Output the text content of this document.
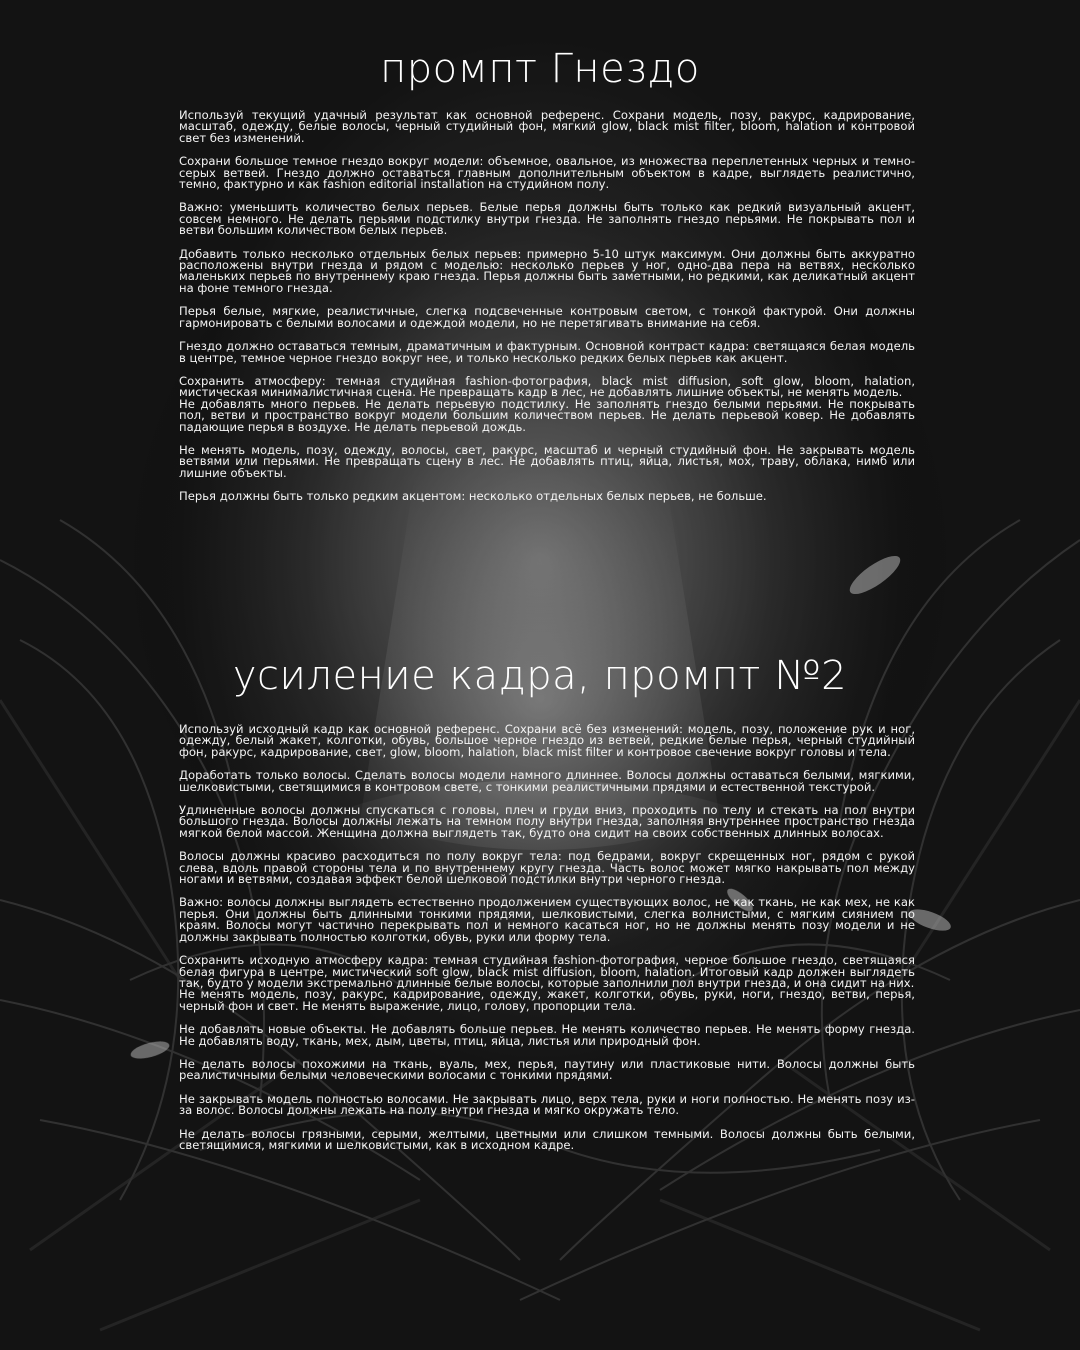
промпт Гнездо

Используй текущий удачный результат как основной референс. Сохрани модель, позу, ракурс, кадрирование, масштаб, одежду, белые волосы, черный студийный фон, мягкий glow, black mist filter, bloom, halation и контровой свет без изменений.

Сохрани большое темное гнездо вокруг модели: объемное, овальное, из множества переплетенных черных и темно-серых ветвей. Гнездо должно оставаться главным дополнительным объектом в кадре, выглядеть реалистично, темно, фактурно и как fashion editorial installation на студийном полу.

Важно: уменьшить количество белых перьев. Белые перья должны быть только как редкий визуальный акцент, совсем немного. Не делать перьями подстилку внутри гнезда. Не заполнять гнездо перьями. Не покрывать пол и ветви большим количеством белых перьев.

Добавить только несколько отдельных белых перьев: примерно 5-10 штук максимум. Они должны быть аккуратно расположены внутри гнезда и рядом с моделью: несколько перьев у ног, одно-два пера на ветвях, несколько маленьких перьев по внутреннему краю гнезда. Перья должны быть заметными, но редкими, как деликатный акцент на фоне темного гнезда.

Перья белые, мягкие, реалистичные, слегка подсвеченные контровым светом, с тонкой фактурой. Они должны гармонировать с белыми волосами и одеждой модели, но не перетягивать внимание на себя.

Гнездо должно оставаться темным, драматичным и фактурным. Основной контраст кадра: светящаяся белая модель в центре, темное черное гнездо вокруг нее, и только несколько редких белых перьев как акцент.

Сохранить атмосферу: темная студийная fashion-фотография, black mist diffusion, soft glow, bloom, halation, мистическая минималистичная сцена. Не превращать кадр в лес, не добавлять лишние объекты, не менять модель.

Не добавлять много перьев. Не делать перьевую подстилку. Не заполнять гнездо белыми перьями. Не покрывать пол, ветви и пространство вокруг модели большим количеством перьев. Не делать перьевой ковер. Не добавлять падающие перья в воздухе. Не делать перьевой дождь.

Не менять модель, позу, одежду, волосы, свет, ракурс, масштаб и черный студийный фон. Не закрывать модель ветвями или перьями. Не превращать сцену в лес. Не добавлять птиц, яйца, листья, мох, траву, облака, нимб или лишние объекты.

Перья должны быть только редким акцентом: несколько отдельных белых перьев, не больше.

усиление кадра, промпт №2

Используй исходный кадр как основной референс. Сохрани всё без изменений: модель, позу, положение рук и ног, одежду, белый жакет, колготки, обувь, большое черное гнездо из ветвей, редкие белые перья, черный студийный фон, ракурс, кадрирование, свет, glow, bloom, halation, black mist filter и контровое свечение вокруг головы и тела.

Доработать только волосы. Сделать волосы модели намного длиннее. Волосы должны оставаться белыми, мягкими, шелковистыми, светящимися в контровом свете, с тонкими реалистичными прядями и естественной текстурой.

Удлиненные волосы должны спускаться с головы, плеч и груди вниз, проходить по телу и стекать на пол внутри большого гнезда. Волосы должны лежать на темном полу внутри гнезда, заполняя внутреннее пространство гнезда мягкой белой массой. Женщина должна выглядеть так, будто она сидит на своих собственных длинных волосах.

Волосы должны красиво расходиться по полу вокруг тела: под бедрами, вокруг скрещенных ног, рядом с рукой слева, вдоль правой стороны тела и по внутреннему кругу гнезда. Часть волос может мягко накрывать пол между ногами и ветвями, создавая эффект белой шелковой подстилки внутри черного гнезда.

Важно: волосы должны выглядеть естественно продолжением существующих волос, не как ткань, не как мех, не как перья. Они должны быть длинными тонкими прядями, шелковистыми, слегка волнистыми, с мягким сиянием по краям. Волосы могут частично перекрывать пол и немного касаться ног, но не должны менять позу модели и не должны закрывать полностью колготки, обувь, руки или форму тела.

Сохранить исходную атмосферу кадра: темная студийная fashion-фотография, черное большое гнездо, светящаяся белая фигура в центре, мистический soft glow, black mist diffusion, bloom, halation. Итоговый кадр должен выглядеть так, будто у модели экстремально длинные белые волосы, которые заполнили пол внутри гнезда, и она сидит на них.

Не менять модель, позу, ракурс, кадрирование, одежду, жакет, колготки, обувь, руки, ноги, гнездо, ветви, перья, черный фон и свет. Не менять выражение, лицо, голову, пропорции тела.

Не добавлять новые объекты. Не добавлять больше перьев. Не менять количество перьев. Не менять форму гнезда. Не добавлять воду, ткань, мех, дым, цветы, птиц, яйца, листья или природный фон.

Не делать волосы похожими на ткань, вуаль, мех, перья, паутину или пластиковые нити. Волосы должны быть реалистичными белыми человеческими волосами с тонкими прядями.

Не закрывать модель полностью волосами. Не закрывать лицо, верх тела, руки и ноги полностью. Не менять позу из-за волос. Волосы должны лежать на полу внутри гнезда и мягко окружать тело.

Не делать волосы грязными, серыми, желтыми, цветными или слишком темными. Волосы должны быть белыми, светящимися, мягкими и шелковистыми, как в исходном кадре.
